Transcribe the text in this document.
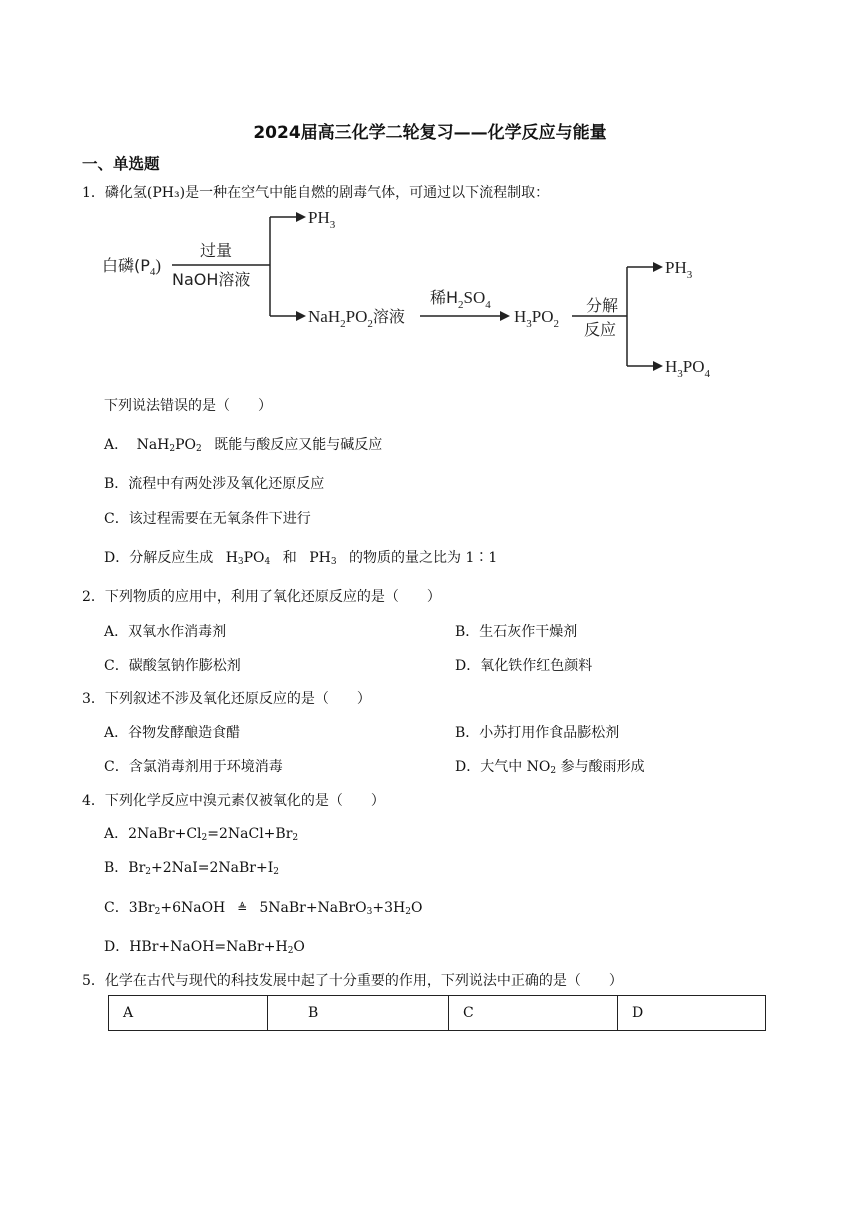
2024届高三化学二轮复习——化学反应与能量
一、单选题
1．磷化氢(PH₃)是一种在空气中能自燃的剧毒气体，可通过以下流程制取：
白磷$(P_4)$
过量
NaOH溶液
$PH_3$
$NaH_2PO_2$溶液
稀$H_2SO_4$
$H_3PO_2$
分解
反应
$PH_3$
$H_3PO_4$
下列说法错误的是（　　）
A． $NaH_2PO_2$ 既能与酸反应又能与碱反应
B．流程中有两处涉及氧化还原反应
C．该过程需要在无氧条件下进行
D．分解反应生成 $H_3PO_4$ 和 $PH_3$ 的物质的量之比为 1∶1
2．下列物质的应用中，利用了氧化还原反应的是（　　）
A．双氧水作消毒剂	B．生石灰作干燥剂
C．碳酸氢钠作膨松剂	D．氧化铁作红色颜料
3．下列叙述不涉及氧化还原反应的是（　　）
A．谷物发酵酿造食醋	B．小苏打用作食品膨松剂
C．含氯消毒剂用于环境消毒	D．大气中 $NO_2$ 参与酸雨形成
4．下列化学反应中溴元素仅被氧化的是（　　）
A．$2NaBr+Cl_2=2NaCl+Br_2$
B．$Br_2+2NaI=2NaBr+I_2$
C．$3Br_2+6NaOH$ ≜ $5NaBr+NaBrO_3+3H_2O$
D．$HBr+NaOH=NaBr+H_2O$
5．化学在古代与现代的科技发展中起了十分重要的作用，下列说法中正确的是（　　）
A	B	C	D
